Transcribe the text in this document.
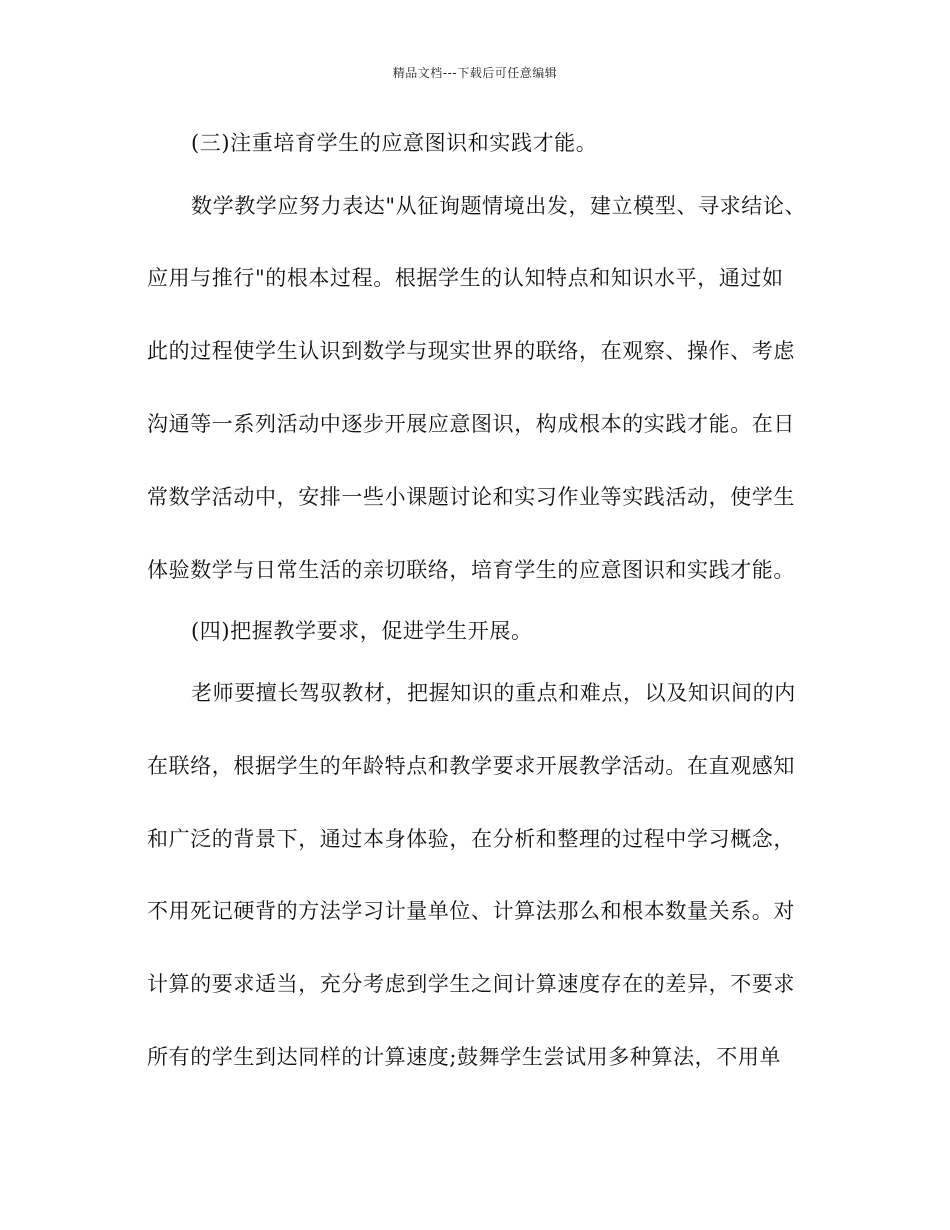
精品文档---下载后可任意编辑
(三)注重培育学生的应意图识和实践才能。
数学教学应努力表达"从征询题情境出发，建立模型、寻求结论、
应用与推行"的根本过程。根据学生的认知特点和知识水平，通过如
此的过程使学生认识到数学与现实世界的联络，在观察、操作、考虑
沟通等一系列活动中逐步开展应意图识，构成根本的实践才能。在日
常数学活动中，安排一些小课题讨论和实习作业等实践活动，使学生
体验数学与日常生活的亲切联络，培育学生的应意图识和实践才能。
(四)把握教学要求，促进学生开展。
老师要擅长驾驭教材，把握知识的重点和难点，以及知识间的内
在联络，根据学生的年龄特点和教学要求开展教学活动。在直观感知
和广泛的背景下，通过本身体验，在分析和整理的过程中学习概念，
不用死记硬背的方法学习计量单位、计算法那么和根本数量关系。对
计算的要求适当，充分考虑到学生之间计算速度存在的差异，不要求
所有的学生到达同样的计算速度;鼓舞学生尝试用多种算法，不用单
